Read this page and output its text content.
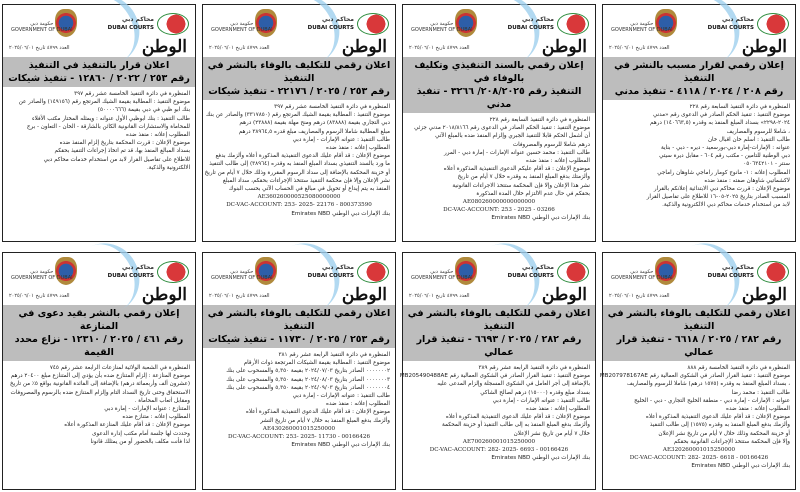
محاكم دبي
DUBAI COURTS
حكومة دبي
GOVERNMENT OF DUBAI
العدد ٤٧٩٩ تاريخ ٢٠٢٥/٠٦/٠١	الوطن
إعلان رقمي لقرار مسبب بالنشر في التنفيذ
رقم ٢٠٨ / ٢٠٢٤ / ٤١١٨ - تنفيذ مدني
المنظورة في دائرة التنفيذ السابعة رقم ٢٢٨
موضوع التنفيذ : تنفيذ الحكم الصادر في الدعوى رقم «مدني
٢٠٢٤-٢٢٩٨» بسداد المبلغ المنفذ به وقدره (١٤٠٦٦٣,٥) درهم
، شاملا للرسوم والمصاريف
طالب التنفيذ : اسلم خان اقبال خان
عنوانه : الإمارات-إمارة دبي-بورسعيد - ديره - دبي - بناية
دبي الوطنية للتامين - مكتب رقم ٦٠٤ - مقابل ديرة سيتي
سنتر - ٠٥٠٦٣٤٢١٠١
المطلوب إعلانه : ١- مانوج كومار راماجي شاوهان راماجي
لاكشماتيي شاوهان صفته : منفذ ضده
موضوع الإعلان : قررت محاكم دبي الابتدائية إعلانكم بالقرار
المسبب الصادر بتاريخ ٢٠٢٥-٠٥-١٦ للاطلاع على تفاصيل القرار
لابد من استخدام خدمات محاكم دبي الالكترونية والذكية.
محاكم دبي
DUBAI COURTS
حكومة دبي
GOVERNMENT OF DUBAI
العدد ٤٧٩٩ تاريخ ٢٠٢٥/٠٦/٠١	الوطن
إعلان رقمي بالسند التنفيذي وتكليف بالوفاء في
التنفيذ رقم ٢٠٨/٢٠٢٥/ ٣٢٦٦ - تنفيذ مدني
المنظورة في دائرة التنفيذ السابعة رقم ٢٢٨
موضوع التنفيذ : تنفيذ الحكم الصادر في الدعوى رقم ٢٠١٨/٨١٦٦ مدني جزئي
أن أشمل الحكم قابلا للتنفيذ الجبري وإلزام المنفذ ضده بالمبلغ الآتي
درهم شاملا للرسوم والمصروفات
طالب التنفيذ : محمد حسين عنوانه الإمارات - إمارة دبي - المرر
المطلوب إعلانه : منفذ ضده
موضوع الإعلان : قد أقام عليكم الدعوى التنفيذية المذكورة أعلاه
وألزمتك بدفع المبلغ المنفذ به وقدره خلال ٧ أيام من تاريخ
نشر هذا الإعلان وإلا فإن المحكمة ستتخذ الاجراءات القانونية
بحقكم في حال عدم الالتزام خلال المدة المذكورة
AE080260000000000000
DC-VAC-ACCOUNT: 253 - 2025 - 03266
بنك الإمارات دبي الوطني Emirates NBD
محاكم دبي
DUBAI COURTS
حكومة دبي
GOVERNMENT OF DUBAI
العدد ٤٧٩٩ تاريخ ٢٠٢٥/٠٦/٠١	الوطن
اعلان رقمي للتكليف بالوفاء بالنشر في التنفيذ
رقم ٢٥٣ / ٢٠٢٥ / ٢٢١٧٦ - تنفيذ شيكات
المنظورة في دائرة التنفيذ الخامسة عشر رقم ٣٩٧
موضوع التنفيذ : المطالبة بقيمة الشيك المرتجع رقم (٣٣١٧٨٥٠) والصادر عن بنك
دبي التجاري بقيمة (٨٣٨٨٨) درهم ومنح مهلة بقيمة (٢٣٨٨٨) درهم
مبلغ المطالبة شاملا الرسوم والمصاريف مبلغ قدره ٣٨٩٦٤,٥ درهم
طالب التنفيذ : عنوانه الإمارات - إمارة دبي
المطلوب إعلانه : منفذ ضده
موضوع الإعلان : قد أقام عليك الدعوى التنفيذية المذكورة أعلاه وألزمك بدفع
ما ورد بالسند التنفيذي بسداد المبلغ المنفذ به وقدره (٣٨٩٦٤) إلى طالب التنفيذ
أو خزينة المحكمة بالإضافة إلى سداد الرسوم المقررة وذلك خلال ٧ أيام من تاريخ
نشر الإعلان وإلا فإن محكمة التنفيذ ستتخذ الإجراءات بحقكم، سداد المبلغ
المنفذ به يتم إيداع أو تحويل في مبالغ في الحساب الآتي بحسب البنوك
AE360260000525080000000
DC-VAC-ACCOUNT: 253- 2025- 22176 - 800373590
بنك الإمارات دبي الوطني Emirates NBD
محاكم دبي
DUBAI COURTS
حكومة دبي
GOVERNMENT OF DUBAI
العدد ٤٧٩٩ تاريخ ٢٠٢٥/٠٦/٠١	الوطن
اعلان قرار بالتنفيذ في التنفيذ
رقم ٢٥٣ / ٢٠٢٢ / ١٢٨٦٠ - تنفيذ شيكات
المنظورة في دائرة التنفيذ الخامسة عشر رقم ٣٩٧
موضوع التنفيذ : المطالبة بقيمة الشيك المرتجع رقم (١٤٩١٥٦) والصادر عن
بنك ابو ظبي في دبي بقيمة (٥٠٠٠٠٦٦٦)
طالب التنفيذ : بنك ابوظبي الأول عنوانه : ويمثله المختار مكتب الأفلاء
للمحاماة والاستشارات القانونية الكائن بالشارقة - الخان - التعاون - برج
المطلوب إعلانه : منفذ ضده
موضوع الإعلان : قررت المحكمة بتاريخ إلزام المنفذ ضده
بسداد المبالغ المنفذ بها، قد تم اتخاذ إجراءات التنفيذ بحقكم
للاطلاع على تفاصيل القرار لابد من استخدام خدمات محاكم دبي
الالكترونية والذكية.
محاكم دبي
DUBAI COURTS
حكومة دبي
GOVERNMENT OF DUBAI
العدد ٤٧٩٩ تاريخ ٢٠٢٥/٠٦/٠١	الوطن
اعلان رقمي للتكليف بالوفاء بالنشر في التنفيذ
رقم ٢٨٢ / ٢٠٢٥ / ٦٦١٨ - تنفيذ قرار عمالي
المنظورة في دائرة التنفيذ الخامسة رقم ٨٨٨
موضوع التنفيذ : تنفيذ القرار الصادر في الشكوى العمالية رقم MB207978167AE
، بسداد المبلغ المنفذ به وقدره (١٥٧٥ درهم) شاملا للرسوم والمصاريف
طالب التنفيذ : محمد رضا
عنوانه : الإمارات - إمارة دبي - منطقة الخليج التجاري - دبي - الخليج
المطلوب إعلانه : منفذ ضده
موضوع الإعلان : قد أقام عليك الدعوى التنفيذية المذكورة أعلاه
وألزمك بدفع المبلغ المنفذ به وقدره (١٥٧٥) إلى طالب التنفيذ
أو خزينة المحكمة وذلك خلال ٧ أيام من تاريخ نشر الإعلان
وإلا فإن المحكمة ستتخذ الإجراءات القانونية بحقكم
AE320260001015250000
DC-VAC-ACCOUNT: 282- 2025- 6618 - 00166426
بنك الإمارات دبي الوطني Emirates NBD
محاكم دبي
DUBAI COURTS
حكومة دبي
GOVERNMENT OF DUBAI
العدد ٤٧٩٩ تاريخ ٢٠٢٥/٠٦/٠١	الوطن
اعلان رقمي للتكليف بالوفاء بالنشر في التنفيذ
رقم ٢٨٢ / ٢٠٢٥ / ٦٦٩٣ - تنفيذ قرار عمالي
المنظورة في دائرة التنفيذ الرابعة عشر رقم ٣٨٩
موضوع التنفيذ : تنفيذ القرار الصادر في الشكوى العمالية رقم MB205490488AE
بالإضافة إلى أجر العامل في الشكوى المسجلة وإلزام المدعى عليه
بسداد مبلغ وقدره (١٥٠٠٠) درهم لصالح الشاكي
طالب التنفيذ : عنوانه الإمارات - إمارة دبي
المطلوب إعلانه : منفذ ضده
موضوع الإعلان : قد أقام عليك الدعوى التنفيذية المذكورة أعلاه
وألزمك بدفع المبلغ المنفذ به إلى طالب التنفيذ أو خزينة المحكمة
خلال ٧ أيام من تاريخ نشر الإعلان
AE700260001015250000
DC-VAC-ACCOUNT: 282- 2025- 6693 - 00166426
بنك الإمارات دبي الوطني Emirates NBD
محاكم دبي
DUBAI COURTS
حكومة دبي
GOVERNMENT OF DUBAI
العدد ٤٧٩٩ تاريخ ٢٠٢٥/٠٦/٠١	الوطن
اعلان رقمي للتكليف بالوفاء بالنشر في التنفيذ
رقم ٢٥٣ / ٢٠٢٥ / ١١٧٣٠ - تنفيذ شيكات
المنظورة في دائرة التنفيذ الرابعة عشر رقم ٣٨١
موضوع التنفيذ : المطالبة بقيمة الشيكات المرتجعة ذوات الأرقام
٠٠٠٠٠٠٠٢ الصادر بتاريخ ٢٠٢٤/٠٧/٠٣ بقيمة ٥,٣٥٠ والمسحوب على بنك
٠٠٠٠٠٠٠٣ الصادر بتاريخ ٢٠٢٤/٠٨/٠٣ بقيمة ٥,٣٥٠ والمسحوب على بنك
٠٠٠٠٠٠٠٤ الصادر بتاريخ ٢٠٢٤/٠٩/٠٣ بقيمة ٥,٣٥٠ والمسحوب على بنك
طالب التنفيذ : عنوانه الإمارات - إمارة دبي
المطلوب إعلانه : منفذ ضده
موضوع الإعلان : قد أقام عليك الدعوى التنفيذية المذكورة أعلاه
وألزمك بدفع المبلغ المنفذ به خلال ٧ أيام من تاريخ النشر
AE430260001015250000
DC-VAC-ACCOUNT: 253- 2025- 11730 - 00166426
بنك الإمارات دبي الوطني Emirates NBD
محاكم دبي
DUBAI COURTS
حكومة دبي
GOVERNMENT OF DUBAI
العدد ٤٧٩٩ تاريخ ٢٠٢٥/٠٦/٠١	الوطن
إعلان رقمي بالنشر بقيد دعوى في المنازعة
رقم ٤٦١ / ٢٠٢٥ / ١٢٣١٠ - نزاع محدد القيمة
المنظورة في الشعبة الولائية لمنازعات الرابعة عشر رقم ٧٤٥
موضوع المنازعة : إلزام المتنازع ضده بأن يؤدي إلى المتنازع مبلغ ٢٠٤٠٠ درهم
(عشرون ألف وأربعمائة درهم) بالإضافة إلى الفائدة القانونية بواقع ٥٪ من تاريخ
الاستحقاق وحتى تاريخ السداد التام وإلزام المتنازع ضده بالرسوم والمصروفات
ومقابل أتعاب المحاماة .
المتنازع : عنوانه الإمارات - إمارة دبي
المطلوب إعلانه : متنازع ضده
موضوع الإعلان : قد أقام عليك المنازعة المذكورة أعلاه
وحددت لها جلسة أمام مكتب إدارة الدعوى
لذا فأنت مكلف بالحضور أو من يمثلك قانونا
